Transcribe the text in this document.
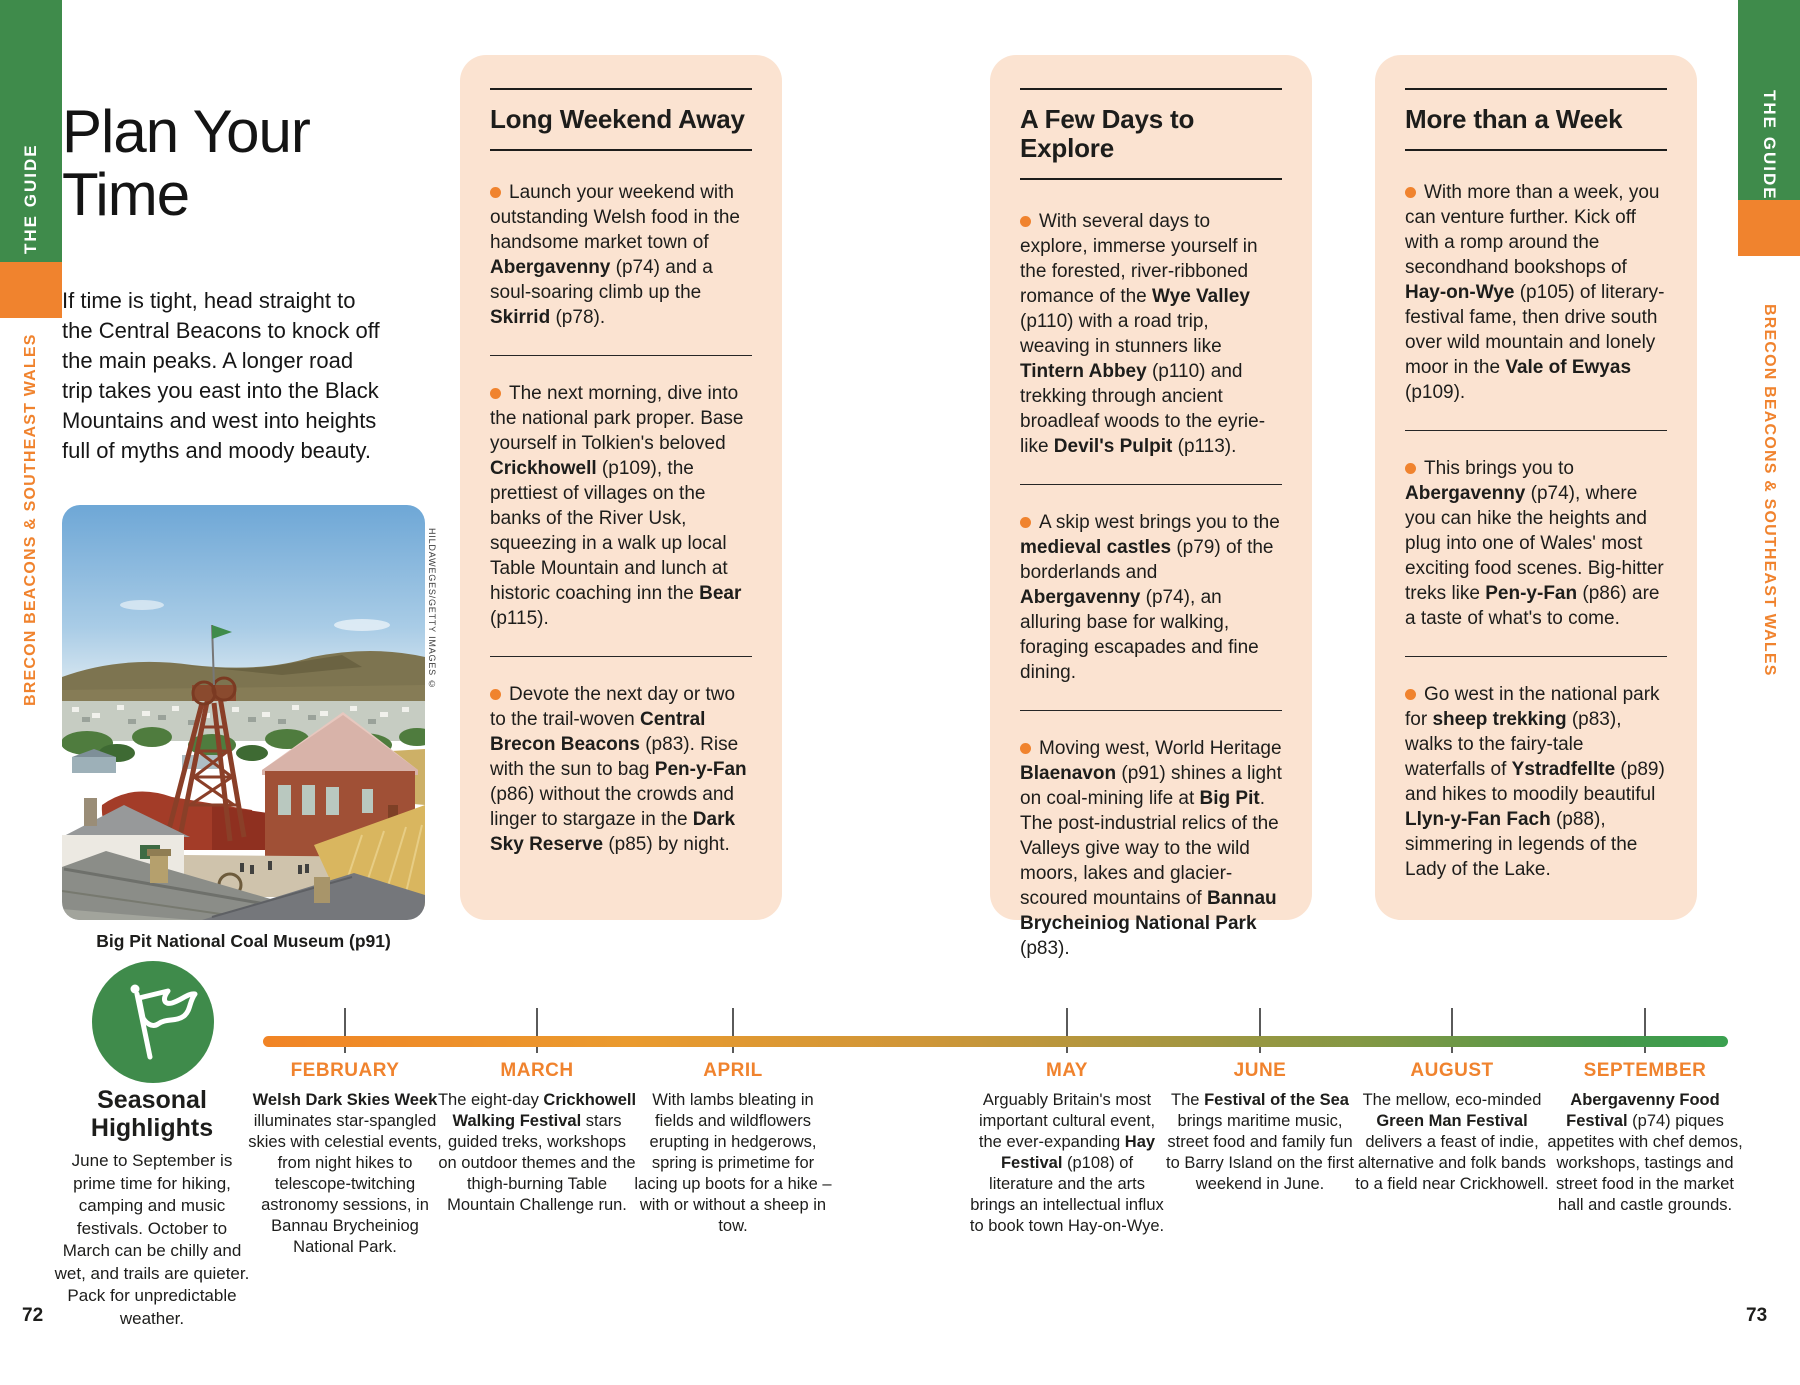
THE GUIDE
BRECON BEACONS & SOUTHEAST WALES
THE GUIDE
BRECON BEACONS & SOUTHEAST WALES
Plan Your Time
If time is tight, head straight to the Central Beacons to knock off the main peaks. A longer road trip takes you east into the Black Mountains and west into heights full of myths and moody beauty.
HILDAWEGES/GETTY IMAGES ©
Big Pit National Coal Museum (p91)
Long Weekend Away

Launch your weekend with outstanding Welsh food in the handsome market town of Abergavenny (p74) and a soul-soaring climb up the Skirrid (p78).

The next morning, dive into the national park proper. Base yourself in Tolkien's beloved Crickhowell (p109), the prettiest of villages on the banks of the River Usk, squeezing in a walk up local Table Mountain and lunch at historic coaching inn the Bear (p115).

Devote the next day or two to the trail-woven Central Brecon Beacons (p83). Rise with the sun to bag Pen-y-Fan (p86) without the crowds and linger to stargaze in the Dark Sky Reserve (p85) by night.

A Few Days to Explore

With several days to explore, immerse yourself in the forested, river-ribboned romance of the Wye Valley (p110) with a road trip, weaving in stunners like Tintern Abbey (p110) and trekking through ancient broadleaf woods to the eyrie-like Devil's Pulpit (p113).

A skip west brings you to the medieval castles (p79) of the borderlands and Abergavenny (p74), an alluring base for walking, foraging escapades and fine dining.

Moving west, World Heritage Blaenavon (p91) shines a light on coal-mining life at Big Pit. The post-industrial relics of the Valleys give way to the wild moors, lakes and glacier-scoured mountains of Bannau Brycheiniog National Park (p83).

More than a Week

With more than a week, you can venture further. Kick off with a romp around the secondhand bookshops of Hay-on-Wye (p105) of literary-festival fame, then drive south over wild mountain and lonely moor in the Vale of Ewyas (p109).

This brings you to Abergavenny (p74), where you can hike the heights and plug into one of Wales' most exciting food scenes. Big-hitter treks like Pen-y-Fan (p86) are a taste of what's to come.

Go west in the national park for sheep trekking (p83), walks to the fairy-tale waterfalls of Ystradfellte (p89) and hikes to moodily beautiful Llyn-y-Fan Fach (p88), simmering in legends of the Lady of the Lake.

Seasonal Highlights
June to September is prime time for hiking, camping and music festivals. October to March can be chilly and wet, and trails are quieter. Pack for unpredictable weather.

FEBRUARY

Welsh Dark Skies Week illuminates star-spangled skies with celestial events, from night hikes to telescope-twitching astronomy sessions, in Bannau Brycheiniog National Park.

MARCH

The eight-day Crickhowell Walking Festival stars guided treks, workshops on outdoor themes and the thigh-burning Table Mountain Challenge run.

APRIL

With lambs bleating in fields and wildflowers erupting in hedgerows, spring is primetime for lacing up boots for a hike – with or without a sheep in tow.

MAY

Arguably Britain's most important cultural event, the ever-expanding Hay Festival (p108) of literature and the arts brings an intellectual influx to book town Hay-on-Wye.

JUNE

The Festival of the Sea brings maritime music, street food and family fun to Barry Island on the first weekend in June.

AUGUST

The mellow, eco-minded Green Man Festival delivers a feast of indie, alternative and folk bands to a field near Crickhowell.

SEPTEMBER

Abergavenny Food Festival (p74) piques appetites with chef demos, workshops, tastings and street food in the market hall and castle grounds.
72	73
